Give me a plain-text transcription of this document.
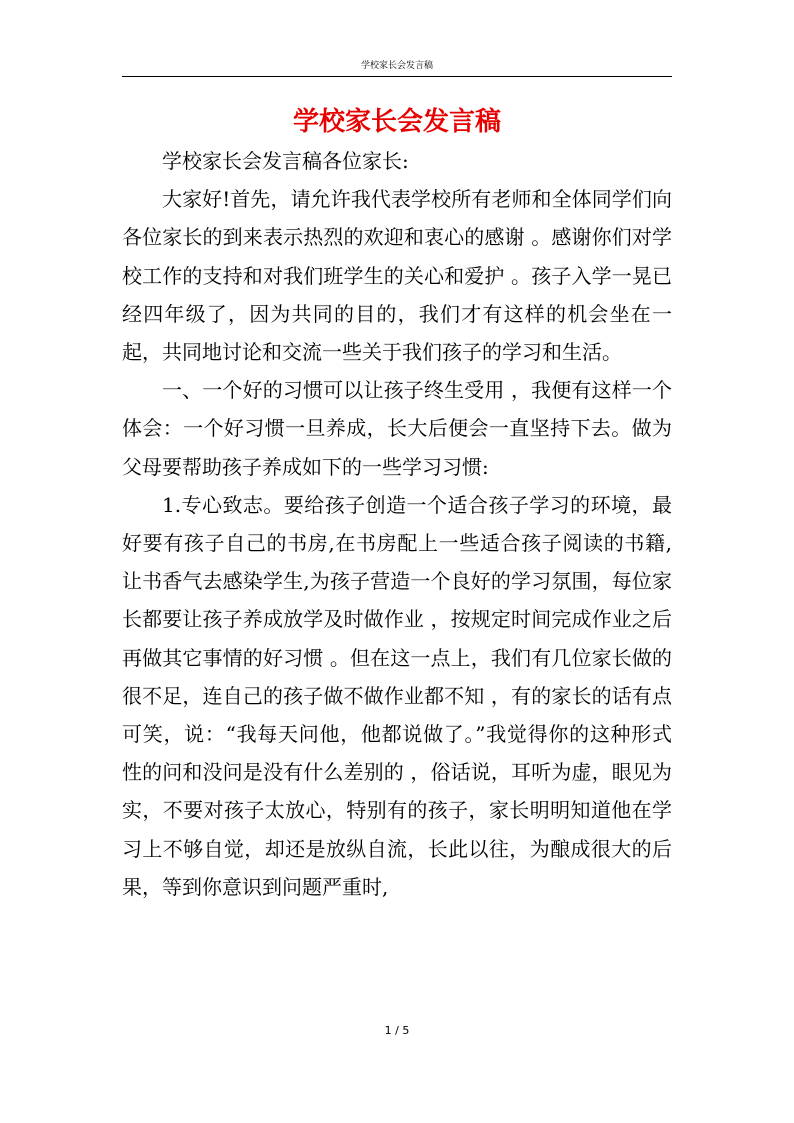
学校家长会发言稿
学校家长会发言稿

学校家长会发言稿各位家长:

大家好!首先，请允许我代表学校所有老师和全体同学们向各位家长的到来表示热烈的欢迎和衷心的感谢 。感谢你们对学校工作的支持和对我们班学生的关心和爱护 。孩子入学一晃已经四年级了，因为共同的目的，我们才有这样的机会坐在一起，共同地讨论和交流一些关于我们孩子的学习和生活。

一、一个好的习惯可以让孩子终生受用 ，我便有这样一个体会：一个好习惯一旦养成，长大后便会一直坚持下去。做为父母要帮助孩子养成如下的一些学习习惯:

1.专心致志。要给孩子创造一个适合孩子学习的环境，最好要有孩子自己的书房,在书房配上一些适合孩子阅读的书籍,让书香气去感染学生,为孩子营造一个良好的学习氛围，每位家长都要让孩子养成放学及时做作业 ，按规定时间完成作业之后再做其它事情的好习惯 。但在这一点上，我们有几位家长做的很不足，连自己的孩子做不做作业都不知 ，有的家长的话有点可笑，说：“我每天问他，他都说做了。”我觉得你的这种形式性的问和没问是没有什么差别的 ，俗话说，耳听为虚，眼见为实，不要对孩子太放心，特别有的孩子，家长明明知道他在学习上不够自觉，却还是放纵自流，长此以往，为酿成很大的后果，等到你意识到问题严重时,

1 / 5
